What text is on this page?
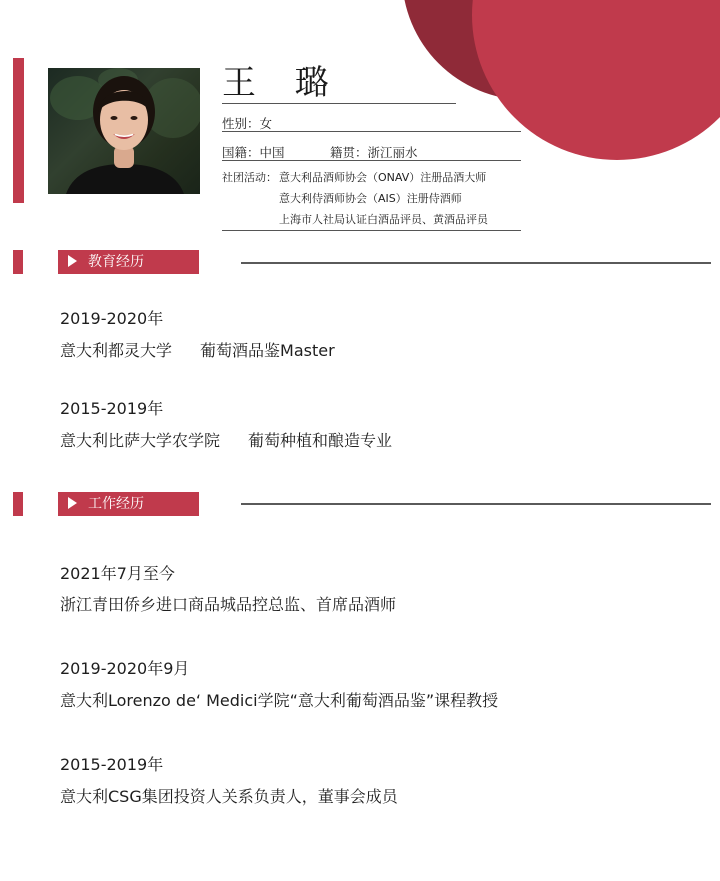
王 璐
性别：女
国籍：中国	籍贯：浙江丽水
社团活动： 意大利品酒师协会（ONAV）注册品酒大师
意大利侍酒师协会（AIS）注册侍酒师
上海市人社局认证白酒品评员、黄酒品评员
教育经历
2019-2020年
意大利都灵大学 葡萄酒品鉴Master
2015-2019年
意大利比萨大学农学院 葡萄种植和酿造专业
工作经历
2021年7月至今
浙江青田侨乡进口商品城品控总监、首席品酒师
2019-2020年9月
意大利Lorenzo de‘ Medici学院“意大利葡萄酒品鉴”课程教授
2015-2019年
意大利CSG集团投资人关系负责人，董事会成员
